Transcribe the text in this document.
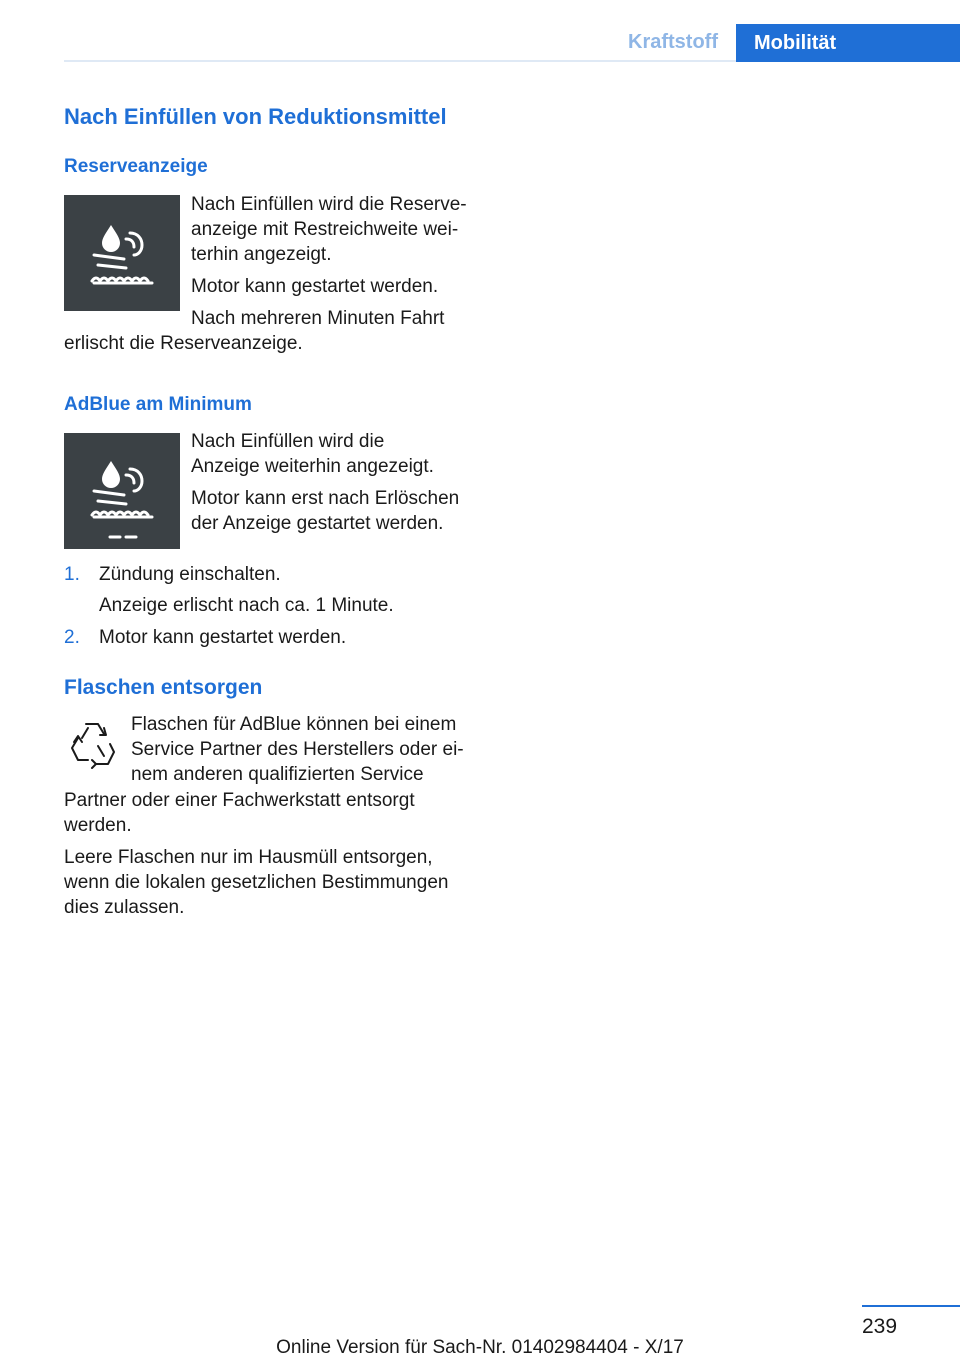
Kraftstoff	Mobilität
Nach Einfüllen von Reduktionsmittel
Reserveanzeige
Nach Einfüllen wird die Reserve‐
anzeige mit Restreichweite wei‐
terhin angezeigt.
Motor kann gestartet werden.
Nach mehreren Minuten Fahrt
erlischt die Reserveanzeige.
AdBlue am Minimum
Nach Einfüllen wird die
Anzeige weiterhin angezeigt.
Motor kann erst nach Erlöschen
der Anzeige gestartet werden.
1. Zündung einschalten.
Anzeige erlischt nach ca. 1 Minute.
2. Motor kann gestartet werden.
Flaschen entsorgen
Flaschen für AdBlue können bei einem
Service Partner des Herstellers oder ei‐
nem anderen qualifizierten Service
Partner oder einer Fachwerkstatt entsorgt
werden.
Leere Flaschen nur im Hausmüll entsorgen,
wenn die lokalen gesetzlichen Bestimmungen
dies zulassen.
239
Online Version für Sach-Nr. 01402984404 - X/17
